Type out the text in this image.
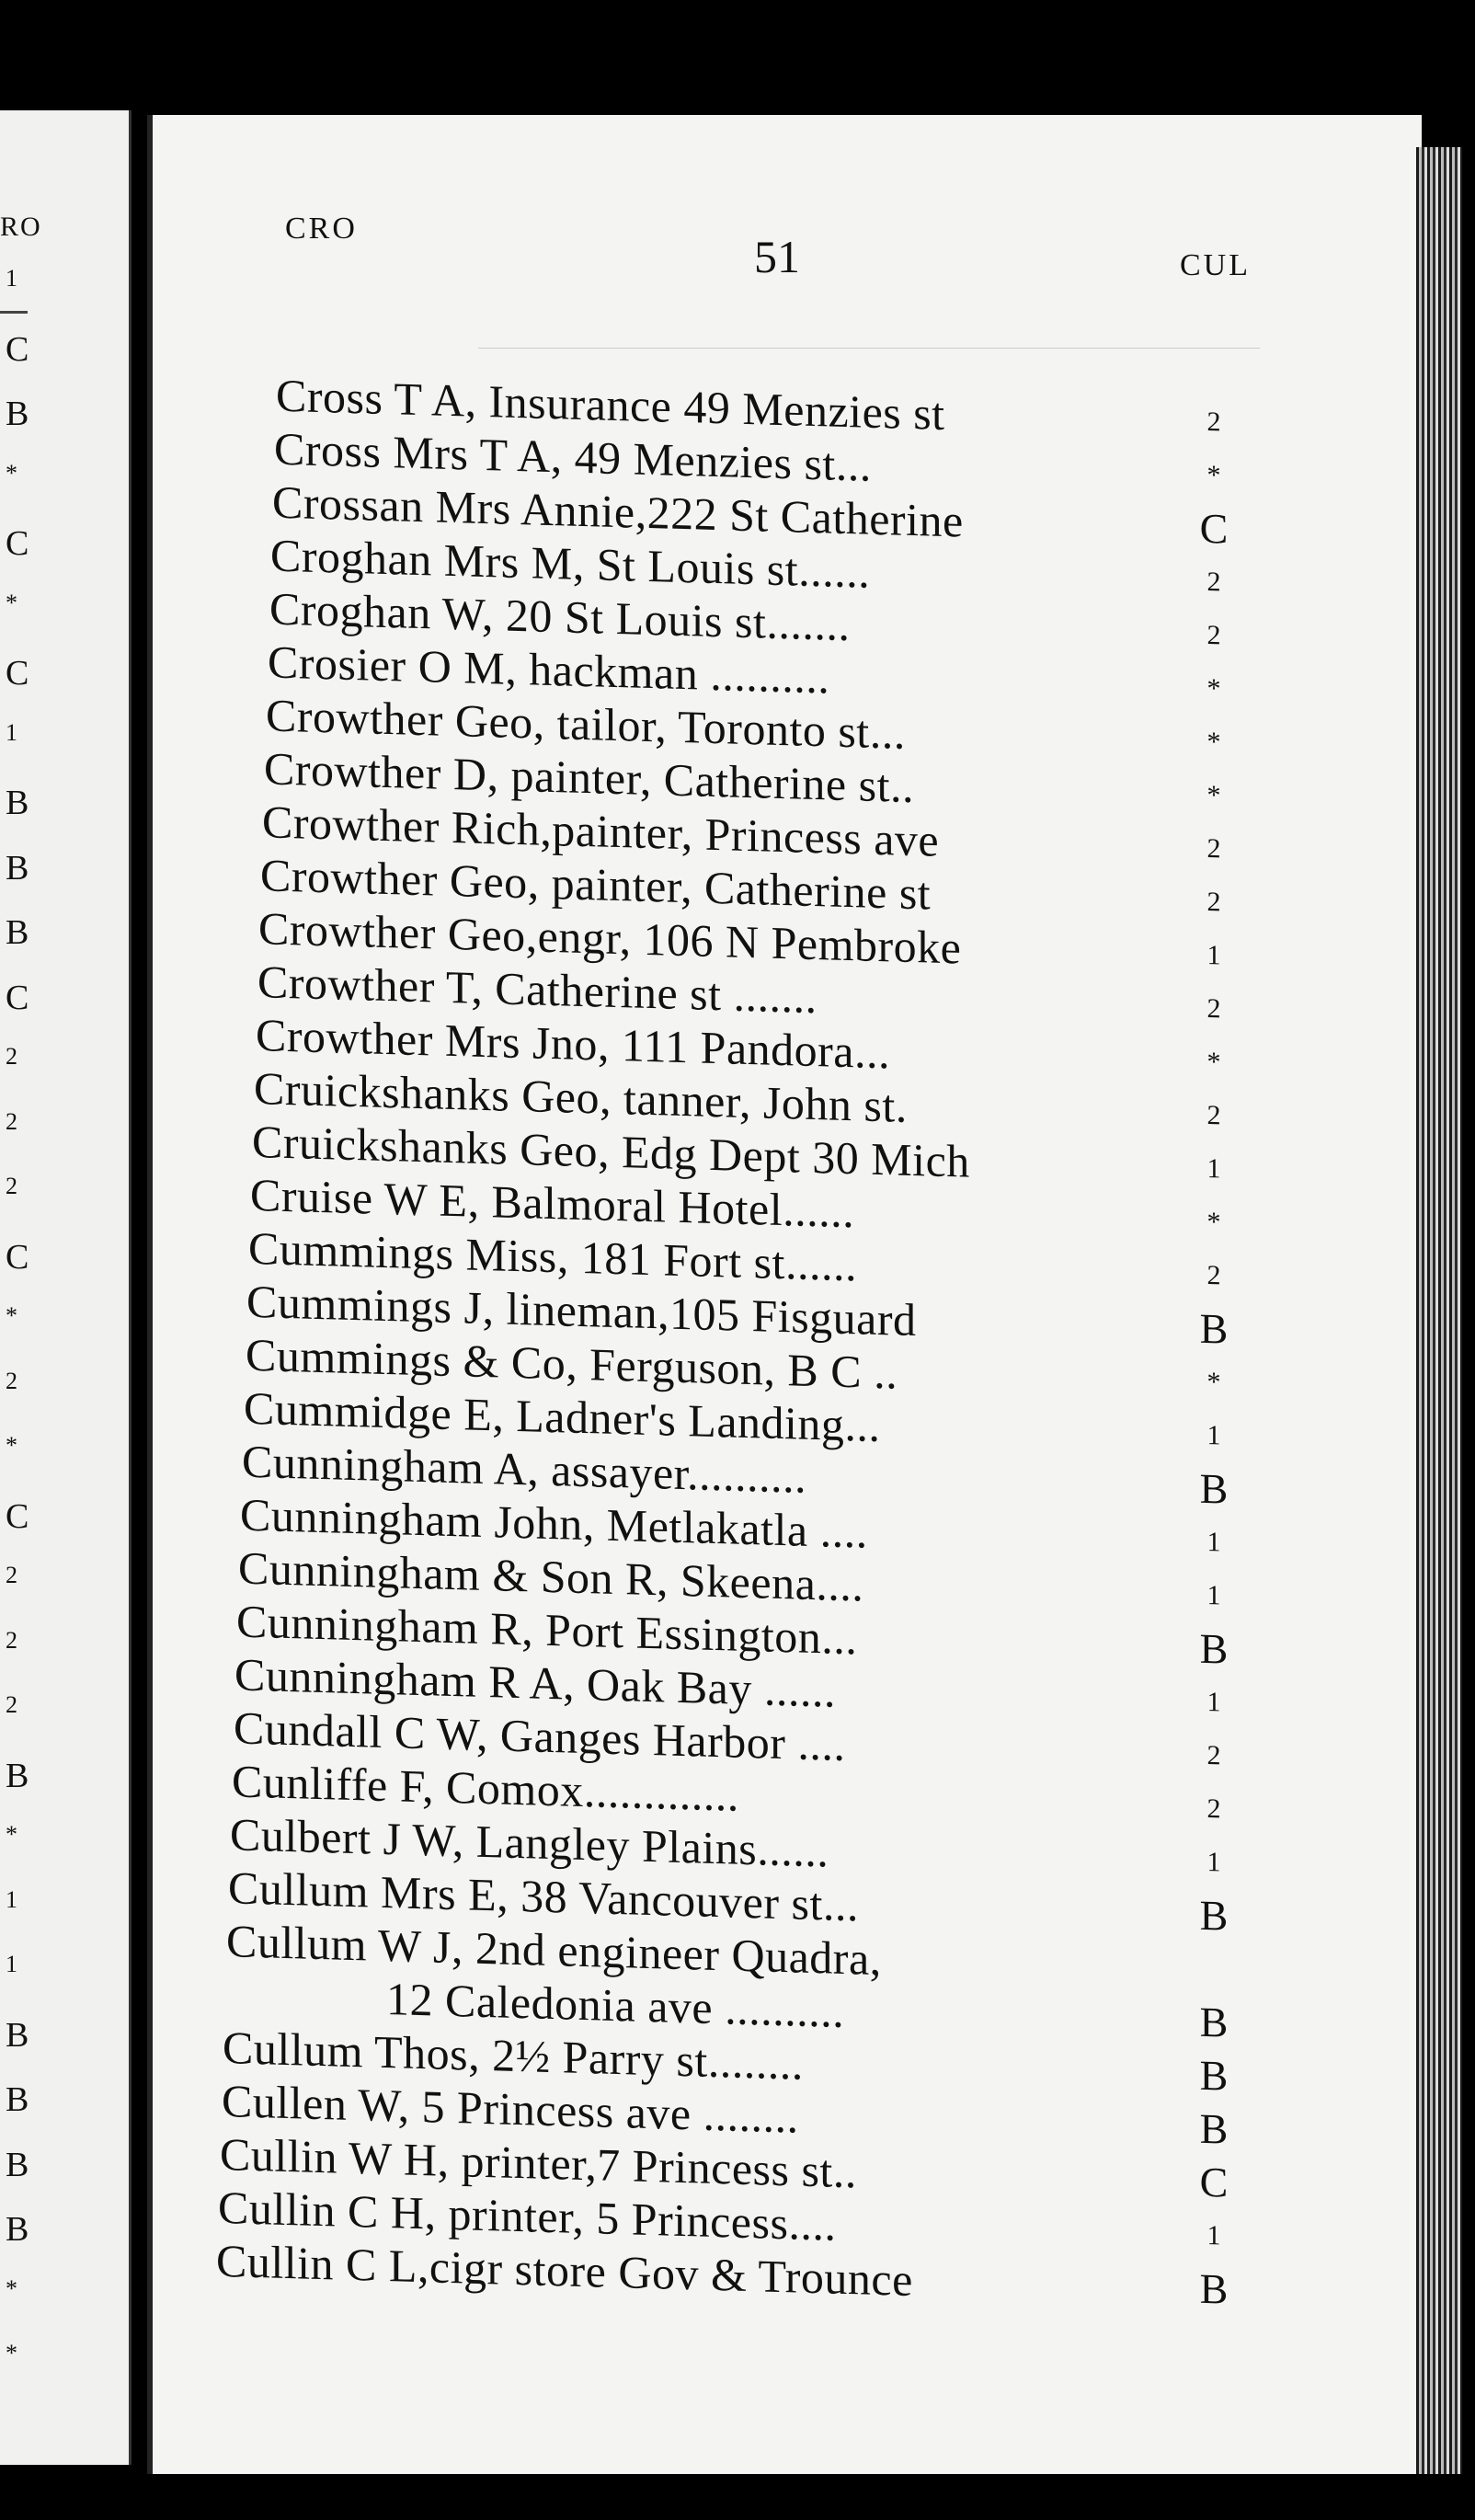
RO
1
C
B
*
C
*
C
1
B
B
B
C
2
2
2
C
*
2
*
C
2
2
2
B
*
1
1
B
B
B
B
*
*
CRO
51	CUL
Cross T A, Insurance 49 Menzies st	2
Cross Mrs T A, 49 Menzies st...	*
Crossan Mrs Annie,222 St Catherine	C
Croghan Mrs M, St Louis st......	2
Croghan W, 20 St Louis st.......	2
Crosier O M, hackman ..........	*
Crowther Geo, tailor, Toronto st...	*
Crowther D, painter, Catherine st..	*
Crowther Rich,painter, Princess ave	2
Crowther Geo, painter, Catherine st	2
Crowther Geo,engr, 106 N Pembroke	1
Crowther T, Catherine st .......	2
Crowther Mrs Jno, 111 Pandora...	*
Cruickshanks Geo, tanner, John st.	2
Cruickshanks Geo, Edg Dept 30 Mich	1
Cruise W E, Balmoral Hotel......	*
Cummings Miss, 181 Fort st......	2
Cummings J, lineman,105 Fisguard	B
Cummings & Co, Ferguson, B C ..	*
Cummidge E, Ladner's Landing...	1
Cunningham A, assayer..........	B
Cunningham John, Metlakatla ....	1
Cunningham & Son R, Skeena....	1
Cunningham R, Port Essington...	B
Cunningham R A, Oak Bay ......	1
Cundall C W, Ganges Harbor ....	2
Cunliffe F, Comox.............	2
Culbert J W, Langley Plains......	1
Cullum Mrs E, 38 Vancouver st...	B
Cullum W J, 2nd engineer Quadra,
12 Caledonia ave ..........	B
Cullum Thos, 2½ Parry st........	B
Cullen W, 5 Princess ave ........	B
Cullin W H, printer,7 Princess st..	C
Cullin C H, printer, 5 Princess....	1
Cullin C L,cigr store Gov & Trounce	B
